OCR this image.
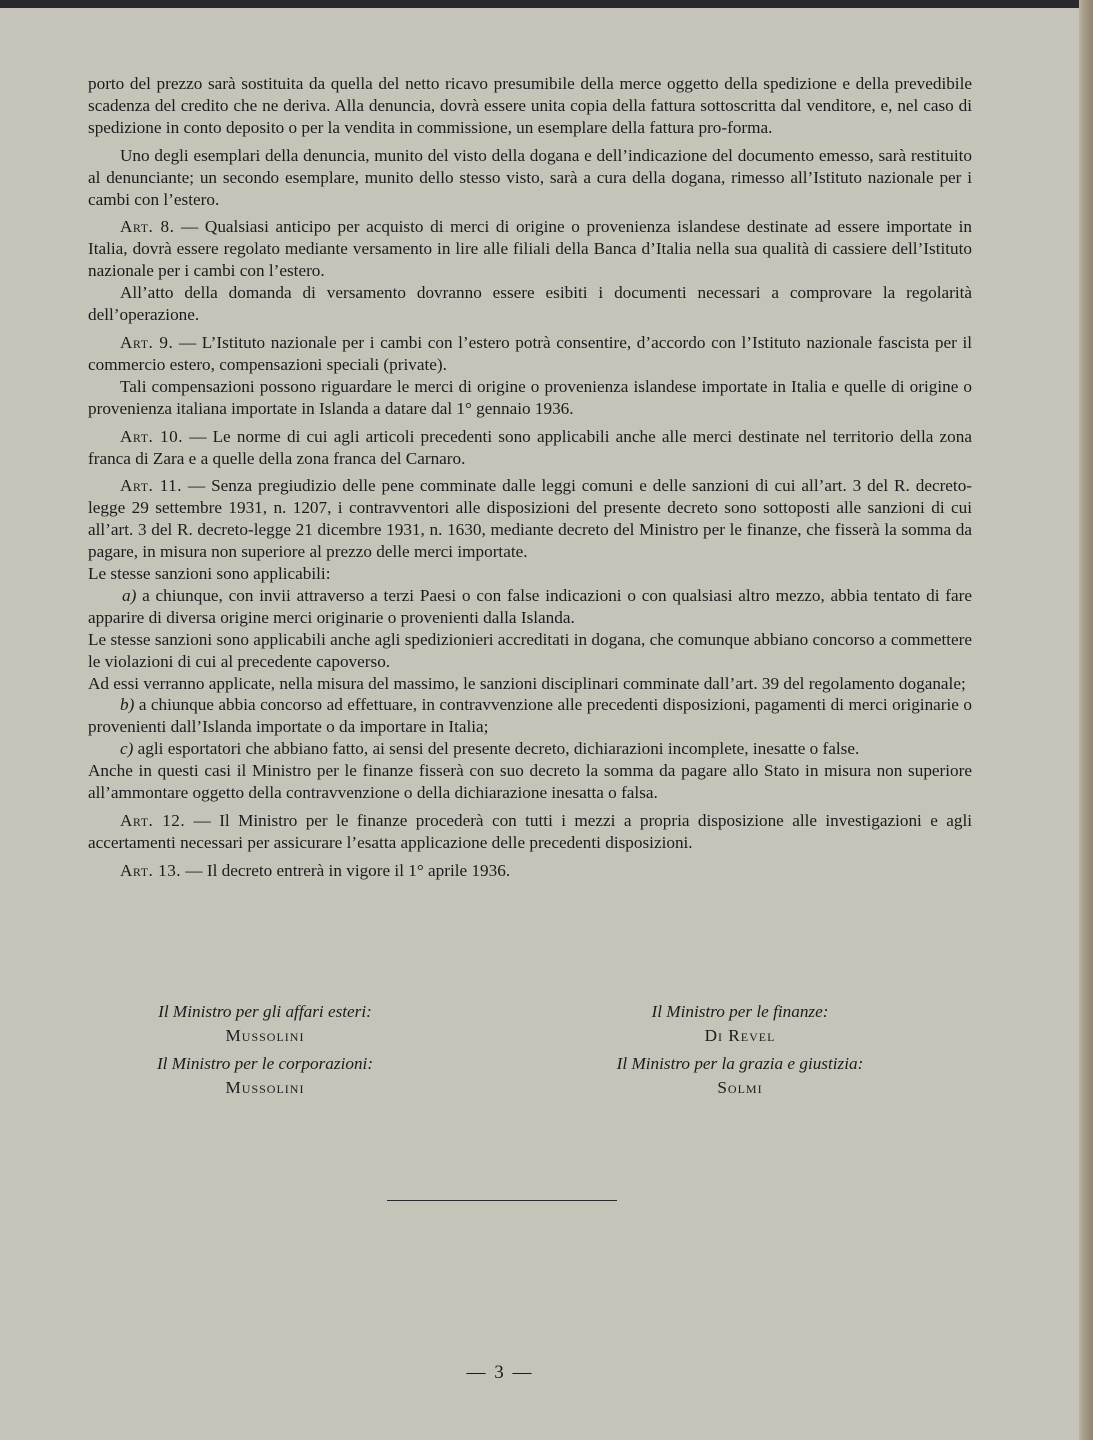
porto del prezzo sarà sostituita da quella del netto ricavo presumibile della merce oggetto della spedizione e della prevedibile scadenza del credito che ne deriva. Alla denuncia, dovrà essere unita copia della fattura sottoscritta dal venditore, e, nel caso di spedizione in conto deposito o per la vendita in commissione, un esemplare della fattura pro-forma.

Uno degli esemplari della denuncia, munito del visto della dogana e dell’indicazione del documento emesso, sarà restituito al denunciante; un secondo esemplare, munito dello stesso visto, sarà a cura della dogana, rimesso all’Istituto nazionale per i cambi con l’estero.

Art. 8. — Qualsiasi anticipo per acquisto di merci di origine o provenienza islandese destinate ad essere importate in Italia, dovrà essere regolato mediante versamento in lire alle filiali della Banca d’Italia nella sua qualità di cassiere dell’Istituto nazionale per i cambi con l’estero.

All’atto della domanda di versamento dovranno essere esibiti i documenti necessari a comprovare la regolarità dell’operazione.

Art. 9. — L’Istituto nazionale per i cambi con l’estero potrà consentire, d’accordo con l’Istituto nazionale fascista per il commercio estero, compensazioni speciali (private).

Tali compensazioni possono riguardare le merci di origine o provenienza islandese importate in Italia e quelle di origine o provenienza italiana importate in Islanda a datare dal 1° gennaio 1936.

Art. 10. — Le norme di cui agli articoli precedenti sono applicabili anche alle merci destinate nel territorio della zona franca di Zara e a quelle della zona franca del Carnaro.

Art. 11. — Senza pregiudizio delle pene comminate dalle leggi comuni e delle sanzioni di cui all’art. 3 del R. decreto-legge 29 settembre 1931, n. 1207, i contravventori alle disposizioni del presente decreto sono sottoposti alle sanzioni di cui all’art. 3 del R. decreto-legge 21 dicembre 1931, n. 1630, mediante decreto del Ministro per le finanze, che fisserà la somma da pagare, in misura non superiore al prezzo delle merci importate.

Le stesse sanzioni sono applicabili:

a) a chiunque, con invii attraverso a terzi Paesi o con false indicazioni o con qualsiasi altro mezzo, abbia tentato di fare apparire di diversa origine merci originarie o provenienti dalla Islanda.

Le stesse sanzioni sono applicabili anche agli spedizionieri accreditati in dogana, che comunque abbiano concorso a commettere le violazioni di cui al precedente capoverso.

Ad essi verranno applicate, nella misura del massimo, le sanzioni disciplinari comminate dall’art. 39 del regolamento doganale;

b) a chiunque abbia concorso ad effettuare, in contravvenzione alle precedenti disposizioni, pagamenti di merci originarie o provenienti dall’Islanda importate o da importare in Italia;

c) agli esportatori che abbiano fatto, ai sensi del presente decreto, dichiarazioni incomplete, inesatte o false.

Anche in questi casi il Ministro per le finanze fisserà con suo decreto la somma da pagare allo Stato in misura non superiore all’ammontare oggetto della contravvenzione o della dichiarazione inesatta o falsa.

Art. 12. — Il Ministro per le finanze procederà con tutti i mezzi a propria disposizione alle investigazioni e agli accertamenti necessari per assicurare l’esatta applicazione delle precedenti disposizioni.

Art. 13. — Il decreto entrerà in vigore il 1° aprile 1936.

Il Ministro per gli affari esteri:
Mussolini
Il Ministro per le corporazioni:
Mussolini
Il Ministro per le finanze:
Di Revel
Il Ministro per la grazia e giustizia:
Solmi
— 3 —
